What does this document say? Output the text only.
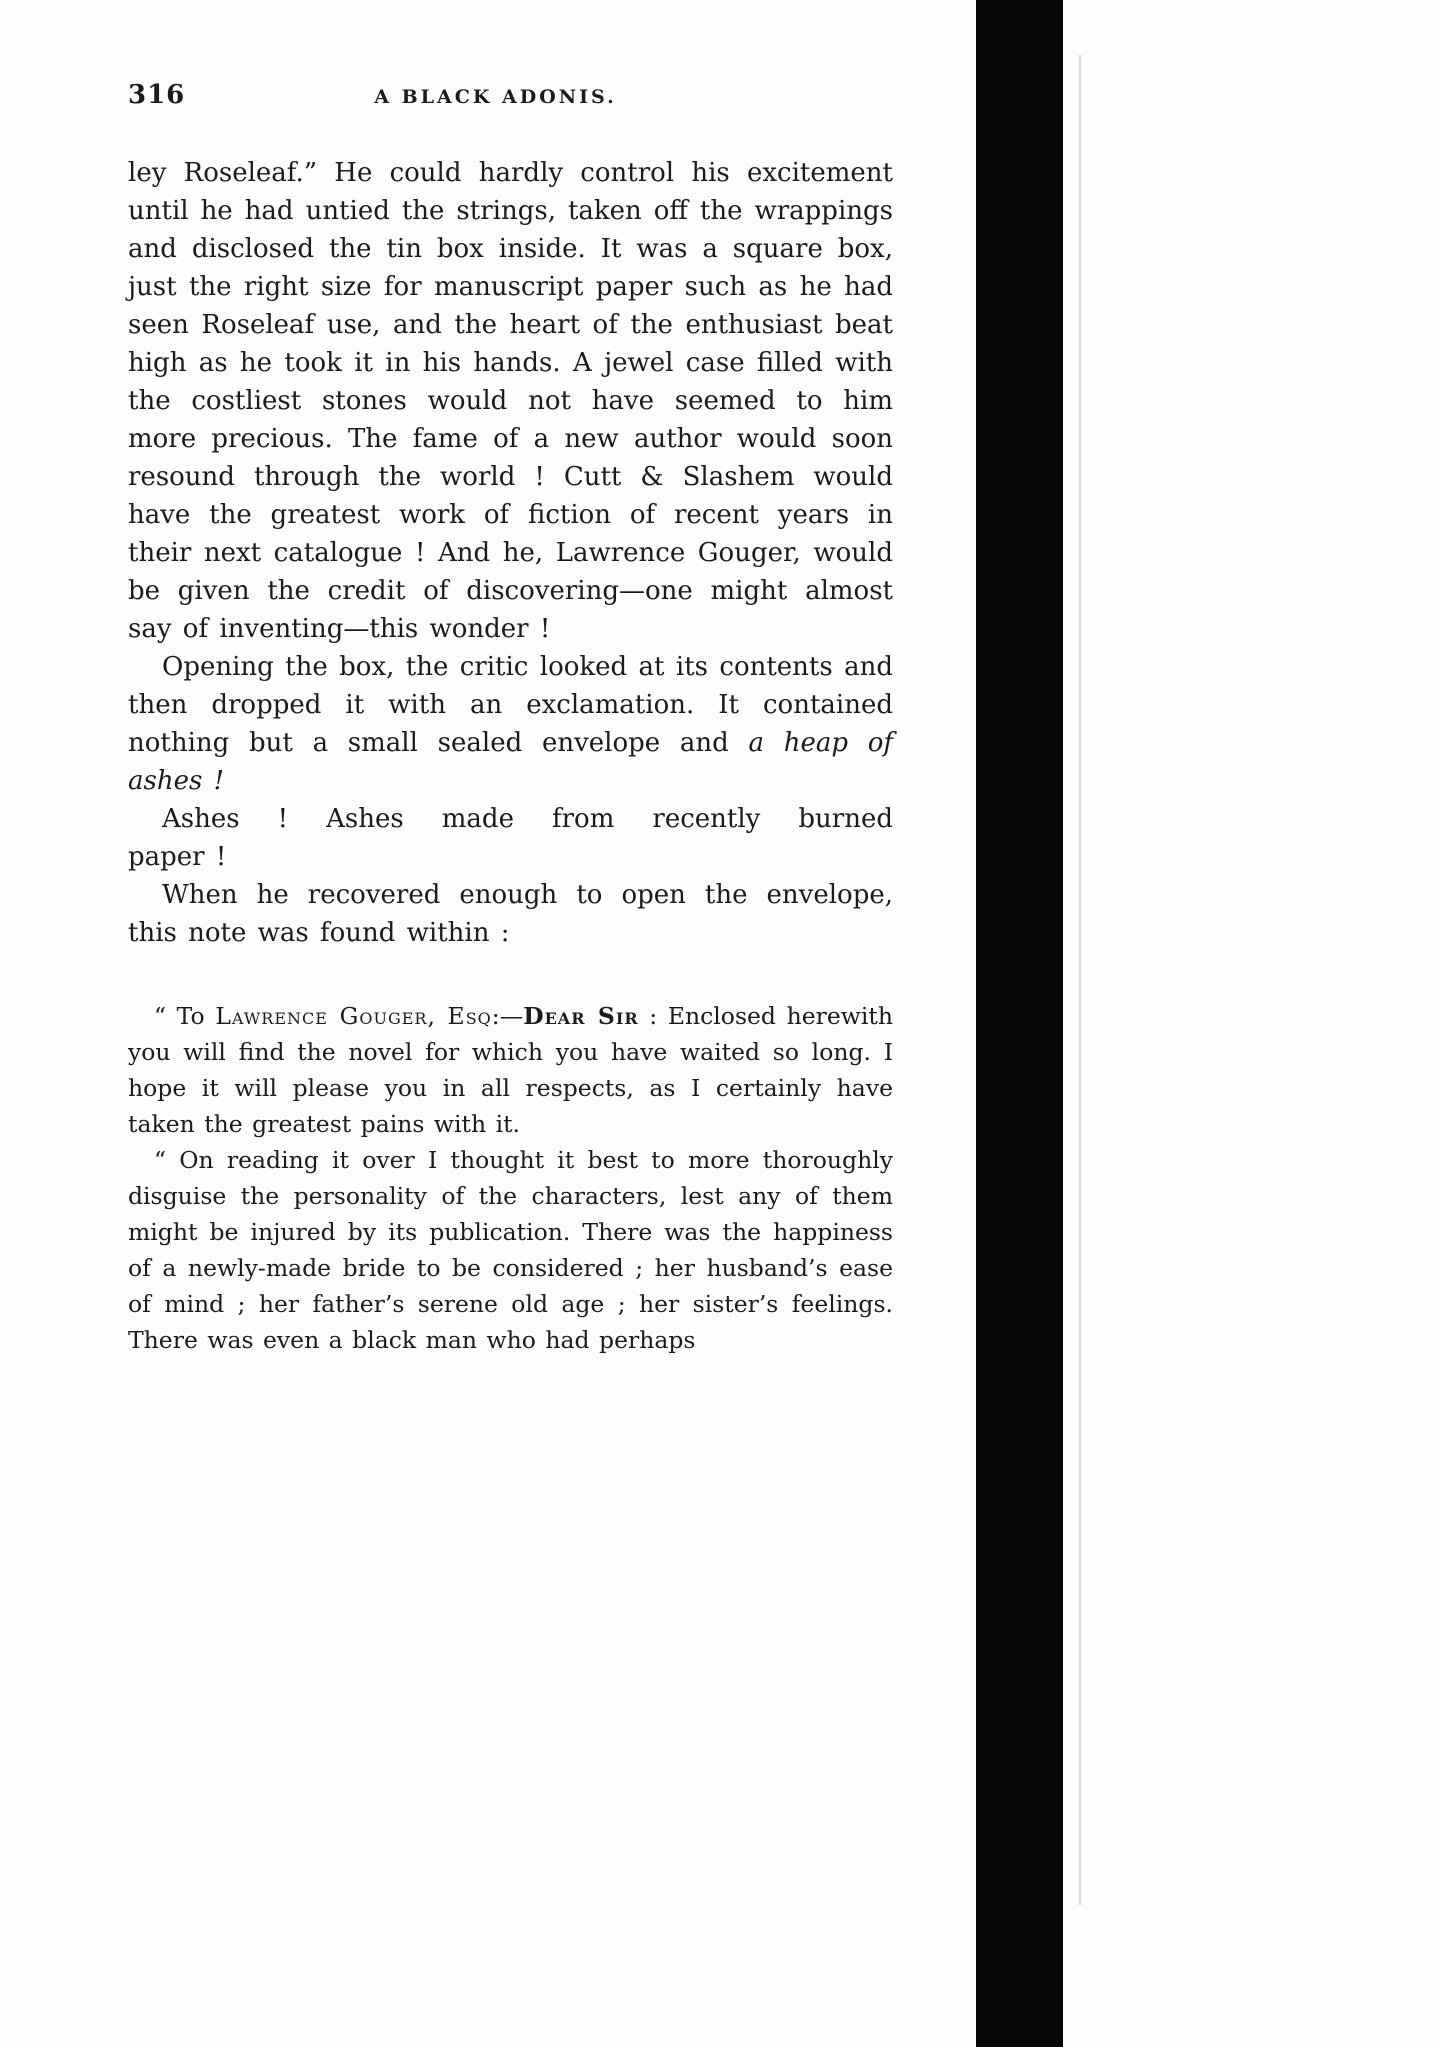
316	A BLACK ADONIS.

ley Roseleaf.” He could hardly control his excitement until he had untied the strings, taken off the wrappings and disclosed the tin box inside. It was a square box, just the right size for manuscript paper such as he had seen Roseleaf use, and the heart of the enthusiast beat high as he took it in his hands. A jewel case filled with the costliest stones would not have seemed to him more precious. The fame of a new author would soon resound through the world ! Cutt & Slashem would have the greatest work of fiction of recent years in their next catalogue ! And he, Lawrence Gouger, would be given the credit of discovering—one might almost say of inventing—this wonder !

Opening the box, the critic looked at its contents and then dropped it with an exclamation. It contained nothing but a small sealed envelope and a heap of ashes !

Ashes ! Ashes made from recently burned
paper !

When he recovered enough to open the envelope, this note was found within :

“ To Lawrence Gouger, Esq:—Dear Sir : Enclosed herewith you will find the novel for which you have waited so long. I hope it will please you in all respects, as I certainly have taken the greatest pains with it.

“ On reading it over I thought it best to more thoroughly disguise the personality of the characters, lest any of them might be injured by its publication. There was the happiness of a newly-made bride to be considered ; her husband’s ease of mind ; her father’s serene old age ; her sister’s feelings. There was even a black man who had perhaps
